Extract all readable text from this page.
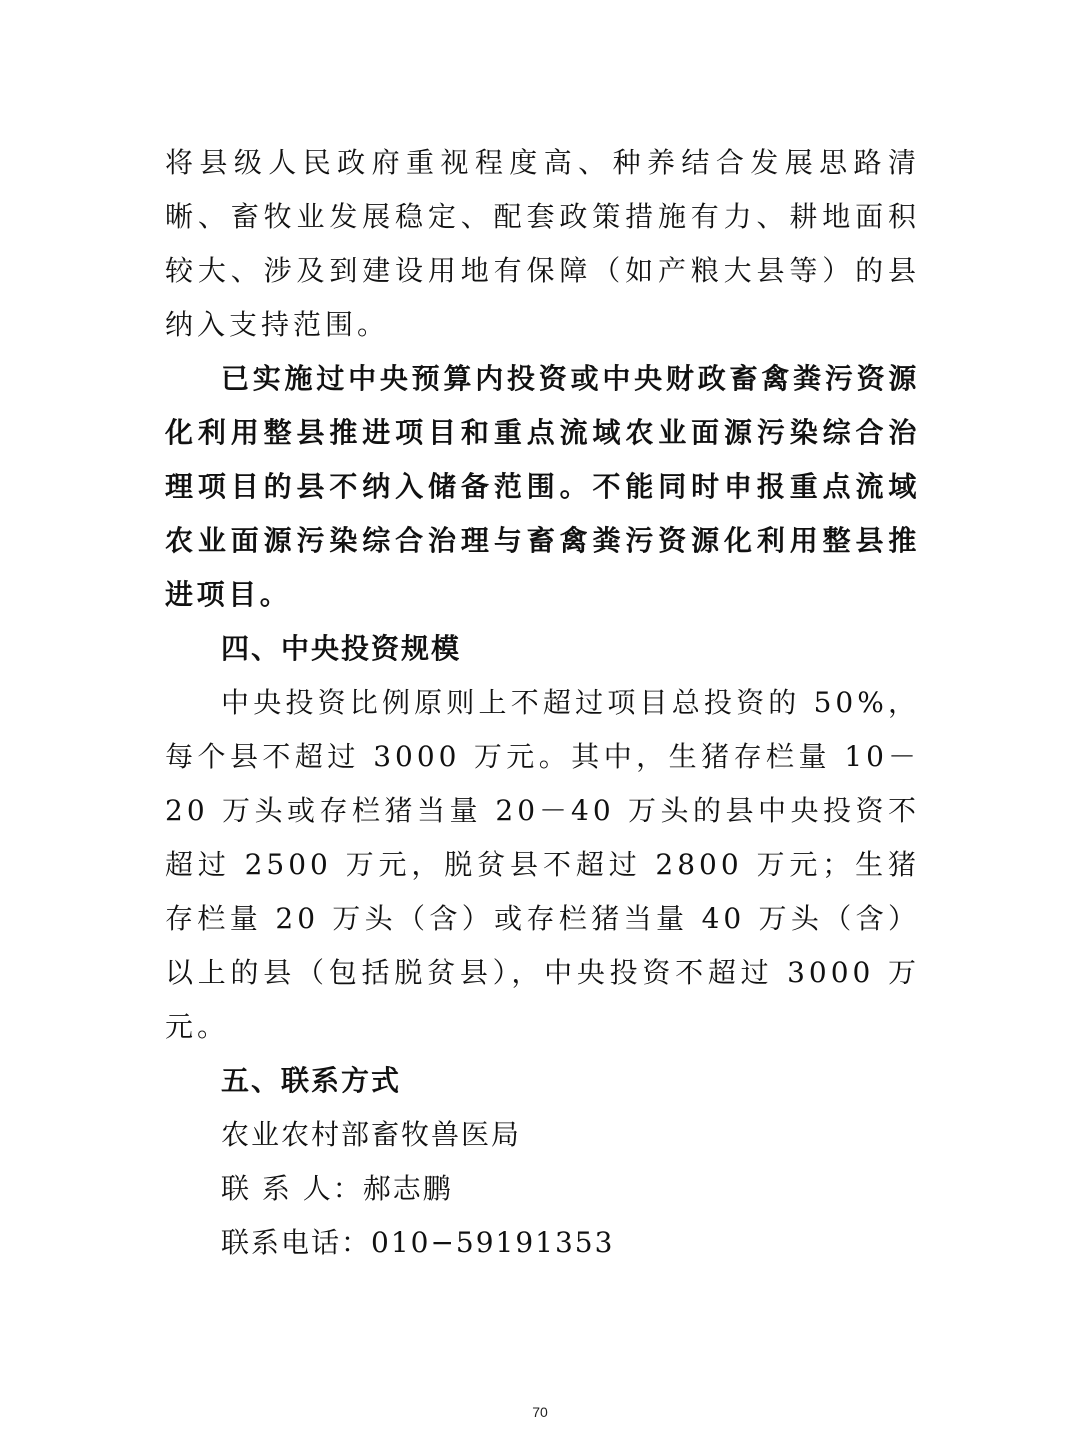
将县级人民政府重视程度高、种养结合发展思路清晰、畜牧业发展稳定、配套政策措施有力、耕地面积较大、涉及到建设用地有保障（如产粮大县等）的县纳入支持范围。

已实施过中央预算内投资或中央财政畜禽粪污资源化利用整县推进项目和重点流域农业面源污染综合治理项目的县不纳入储备范围。不能同时申报重点流域农业面源污染综合治理与畜禽粪污资源化利用整县推进项目。

四、中央投资规模

中央投资比例原则上不超过项目总投资的 50%，每个县不超过 3000 万元。其中，生猪存栏量 10－20 万头或存栏猪当量 20－40 万头的县中央投资不超过 2500 万元，脱贫县不超过 2800 万元；生猪存栏量 20 万头（含）或存栏猪当量 40 万头（含）以上的县（包括脱贫县），中央投资不超过 3000 万元。

五、联系方式

农业农村部畜牧兽医局

联 系 人：郝志鹏

联系电话：010−59191353

70
